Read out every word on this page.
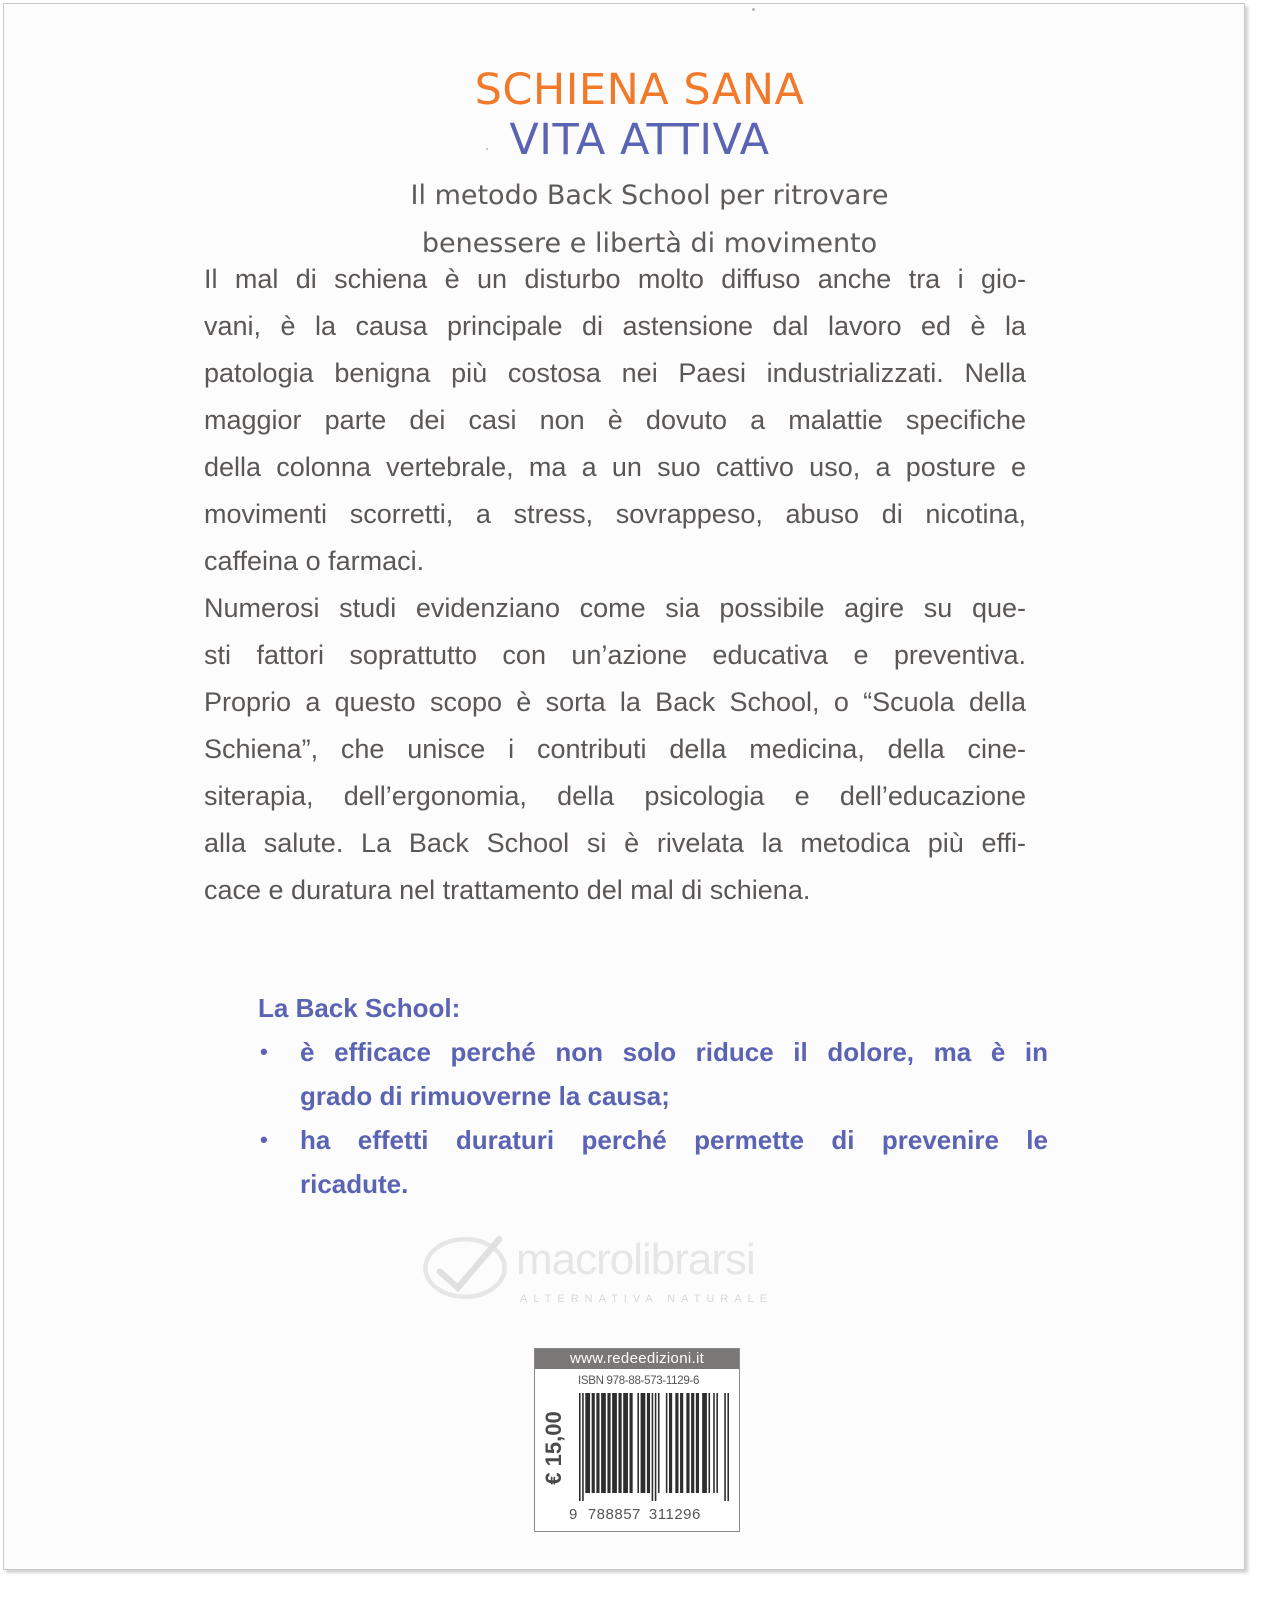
SCHIENA SANA
VITA ATTIVA
Il metodo Back School per ritrovare
benessere e libertà di movimento
Il mal di schiena è un disturbo molto diffuso anche tra i gio-
vani, è la causa principale di astensione dal lavoro ed è la
patologia benigna più costosa nei Paesi industrializzati. Nella
maggior parte dei casi non è dovuto a malattie specifiche
della colonna vertebrale, ma a un suo cattivo uso, a posture e
movimenti scorretti, a stress, sovrappeso, abuso di nicotina,
caffeina o farmaci.
Numerosi studi evidenziano come sia possibile agire su que-
sti fattori soprattutto con un’azione educativa e preventiva.
Proprio a questo scopo è sorta la Back School, o “Scuola della
Schiena”, che unisce i contributi della medicina, della cine-
siterapia, dell’ergonomia, della psicologia e dell’educazione
alla salute. La Back School si è rivelata la metodica più effi-
cace e duratura nel trattamento del mal di schiena.
La Back School:
• è efficace perché non solo riduce il dolore, ma è in
grado di rimuoverne la causa;
• ha effetti duraturi perché permette di prevenire le
ricadute.
macrolibrarsi
ALTERNATIVA NATURALE
www.redeedizioni.it
ISBN 978-88-573-1129-6
€ 15,00
9 788857 311296
